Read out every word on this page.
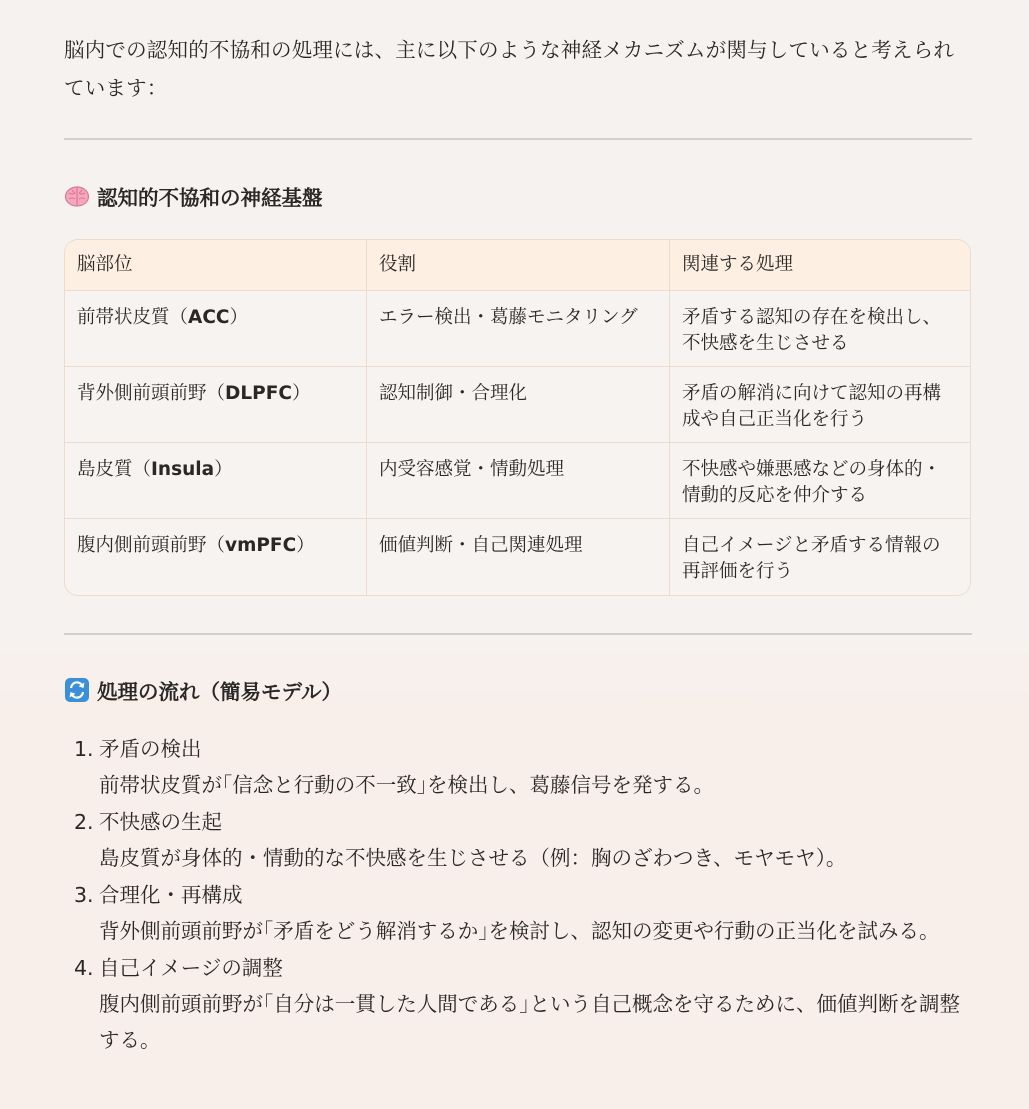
脳内での認知的不協和の処理には、主に以下のような神経メカニズムが関与していると考えられています：

認知的不協和の神経基盤
脳部位	役割	関連する処理
前帯状皮質（ACC）	エラー検出・葛藤モニタリング	矛盾する認知の存在を検出し、不快感を生じさせる
背外側前頭前野（DLPFC）	認知制御・合理化	矛盾の解消に向けて認知の再構成や自己正当化を行う
島皮質（Insula）	内受容感覚・情動処理	不快感や嫌悪感などの身体的・情動的反応を仲介する
腹内側前頭前野（vmPFC）	価値判断・自己関連処理	自己イメージと矛盾する情報の再評価を行う
処理の流れ（簡易モデル）
1. 矛盾の検出
前帯状皮質が｢信念と行動の不一致｣を検出し、葛藤信号を発する。
2. 不快感の生起
島皮質が身体的・情動的な不快感を生じさせる（例：胸のざわつき、モヤモヤ）。
3. 合理化・再構成
背外側前頭前野が｢矛盾をどう解消するか｣を検討し、認知の変更や行動の正当化を試みる。
4. 自己イメージの調整
腹内側前頭前野が｢自分は一貫した人間である｣という自己概念を守るために、価値判断を調整する。
